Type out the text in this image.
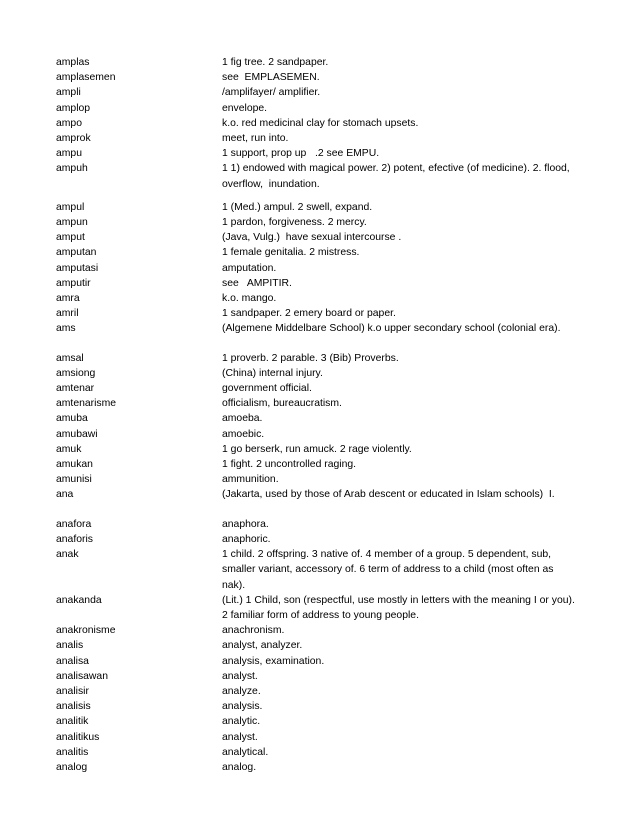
amplas	1 fig tree. 2 sandpaper.
amplasemen	see  EMPLASEMEN.
ampli	/amplifayer/ amplifier.
amplop	envelope.
ampo	k.o. red medicinal clay for stomach upsets.
amprok	meet, run into.
ampu	1 support, prop up   .2 see EMPU.
ampuh	1 1) endowed with magical power. 2) potent, efective (of medicine). 2. flood, overflow,  inundation.
ampul	1 (Med.) ampul. 2 swell, expand.
ampun	1 pardon, forgiveness. 2 mercy.
amput	(Java, Vulg.)  have sexual intercourse .
amputan	1 female genitalia. 2 mistress.
amputasi	amputation.
amputir	see   AMPITIR.
amra	k.o. mango.
amril	1 sandpaper. 2 emery board or paper.
ams	(Algemene Middelbare School) k.o upper secondary school (colonial era).
amsal	1 proverb. 2 parable. 3 (Bib) Proverbs.
amsiong	(China) internal injury.
amtenar	government official.
amtenarisme	officialism, bureaucratism.
amuba	amoeba.
amubawi	amoebic.
amuk	1 go berserk, run amuck. 2 rage violently.
amukan	1 fight. 2 uncontrolled raging.
amunisi	ammunition.
ana	(Jakarta, used by those of Arab descent or educated in Islam schools)  I.
anafora	anaphora.
anaforis	anaphoric.
anak	1 child. 2 offspring. 3 native of. 4 member of a group. 5 dependent, sub, smaller variant, accessory of. 6 term of address to a child (most often as nak).
anakanda	(Lit.) 1 Child, son (respectful, use mostly in letters with the meaning I or you).  2 familiar form of address to young people.
anakronisme	anachronism.
analis	analyst, analyzer.
analisa	analysis, examination.
analisawan	analyst.
analisir	analyze.
analisis	analysis.
analitik	analytic.
analitikus	analyst.
analitis	analytical.
analog	analog.
